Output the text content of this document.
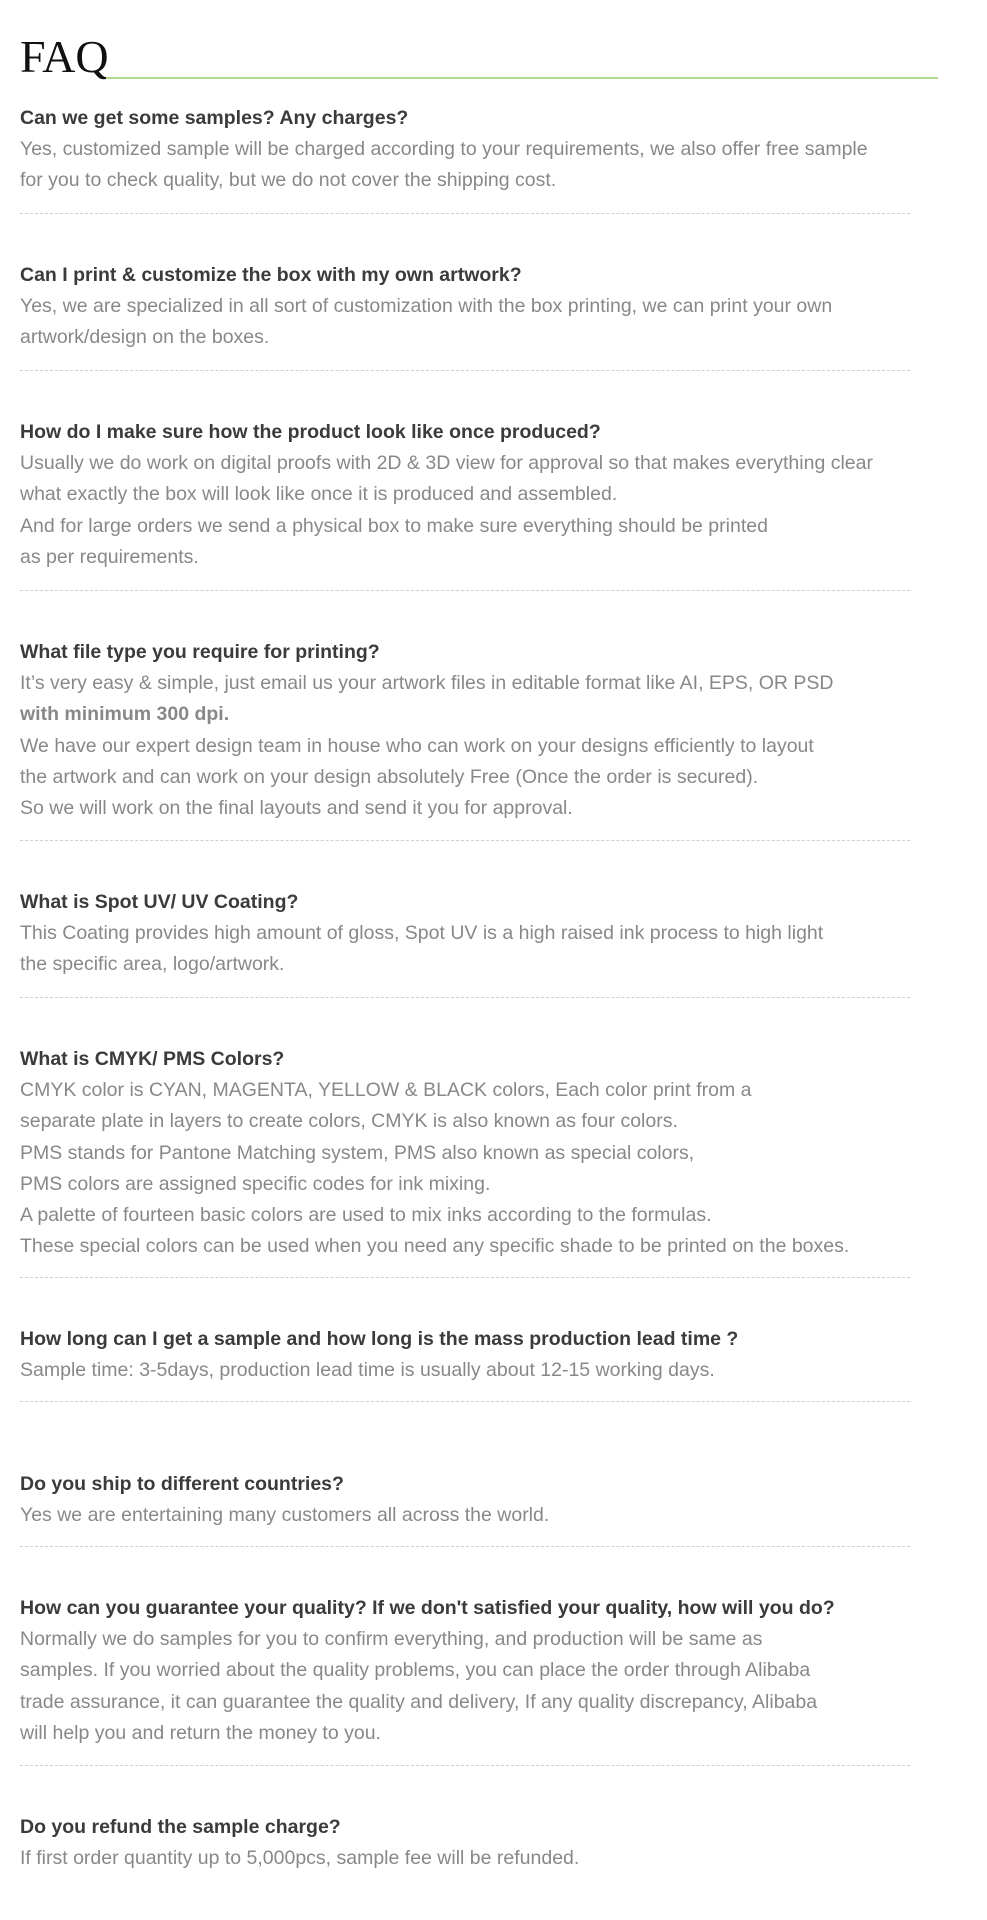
FAQ
Can we get some samples? Any charges?
Yes, customized sample will be charged according to your requirements, we also offer free sample
for you to check quality, but we do not cover the shipping cost.
Can I print & customize the box with my own artwork?
Yes, we are specialized in all sort of customization with the box printing, we can print your own
artwork/design on the boxes.
How do I make sure how the product look like once produced?
Usually we do work on digital proofs with 2D & 3D view for approval so that makes everything clear
what exactly the box will look like once it is produced and assembled.
And for large orders we send a physical box to make sure everything should be printed
as per requirements.
What file type you require for printing?
It’s very easy & simple, just email us your artwork files in editable format like AI, EPS, OR PSD
with minimum 300 dpi.
We have our expert design team in house who can work on your designs efficiently to layout
the artwork and can work on your design absolutely Free (Once the order is secured).
So we will work on the final layouts and send it you for approval.
What is Spot UV/ UV Coating?
This Coating provides high amount of gloss, Spot UV is a high raised ink process to high light
the specific area, logo/artwork.
What is CMYK/ PMS Colors?
CMYK color is CYAN, MAGENTA, YELLOW & BLACK colors, Each color print from a
separate plate in layers to create colors, CMYK is also known as four colors.
PMS stands for Pantone Matching system, PMS also known as special colors,
PMS colors are assigned specific codes for ink mixing.
A palette of fourteen basic colors are used to mix inks according to the formulas.
These special colors can be used when you need any specific shade to be printed on the boxes.
How long can I get a sample and how long is the mass production lead time ?
Sample time: 3-5days, production lead time is usually about 12-15 working days.
Do you ship to different countries?
Yes we are entertaining many customers all across the world.
How can you guarantee your quality? If we don't satisfied your quality, how will you do?
Normally we do samples for you to confirm everything, and production will be same as
samples. If you worried about the quality problems, you can place the order through Alibaba
trade assurance, it can guarantee the quality and delivery, If any quality discrepancy, Alibaba
will help you and return the money to you.
Do you refund the sample charge?
If first order quantity up to 5,000pcs, sample fee will be refunded.
